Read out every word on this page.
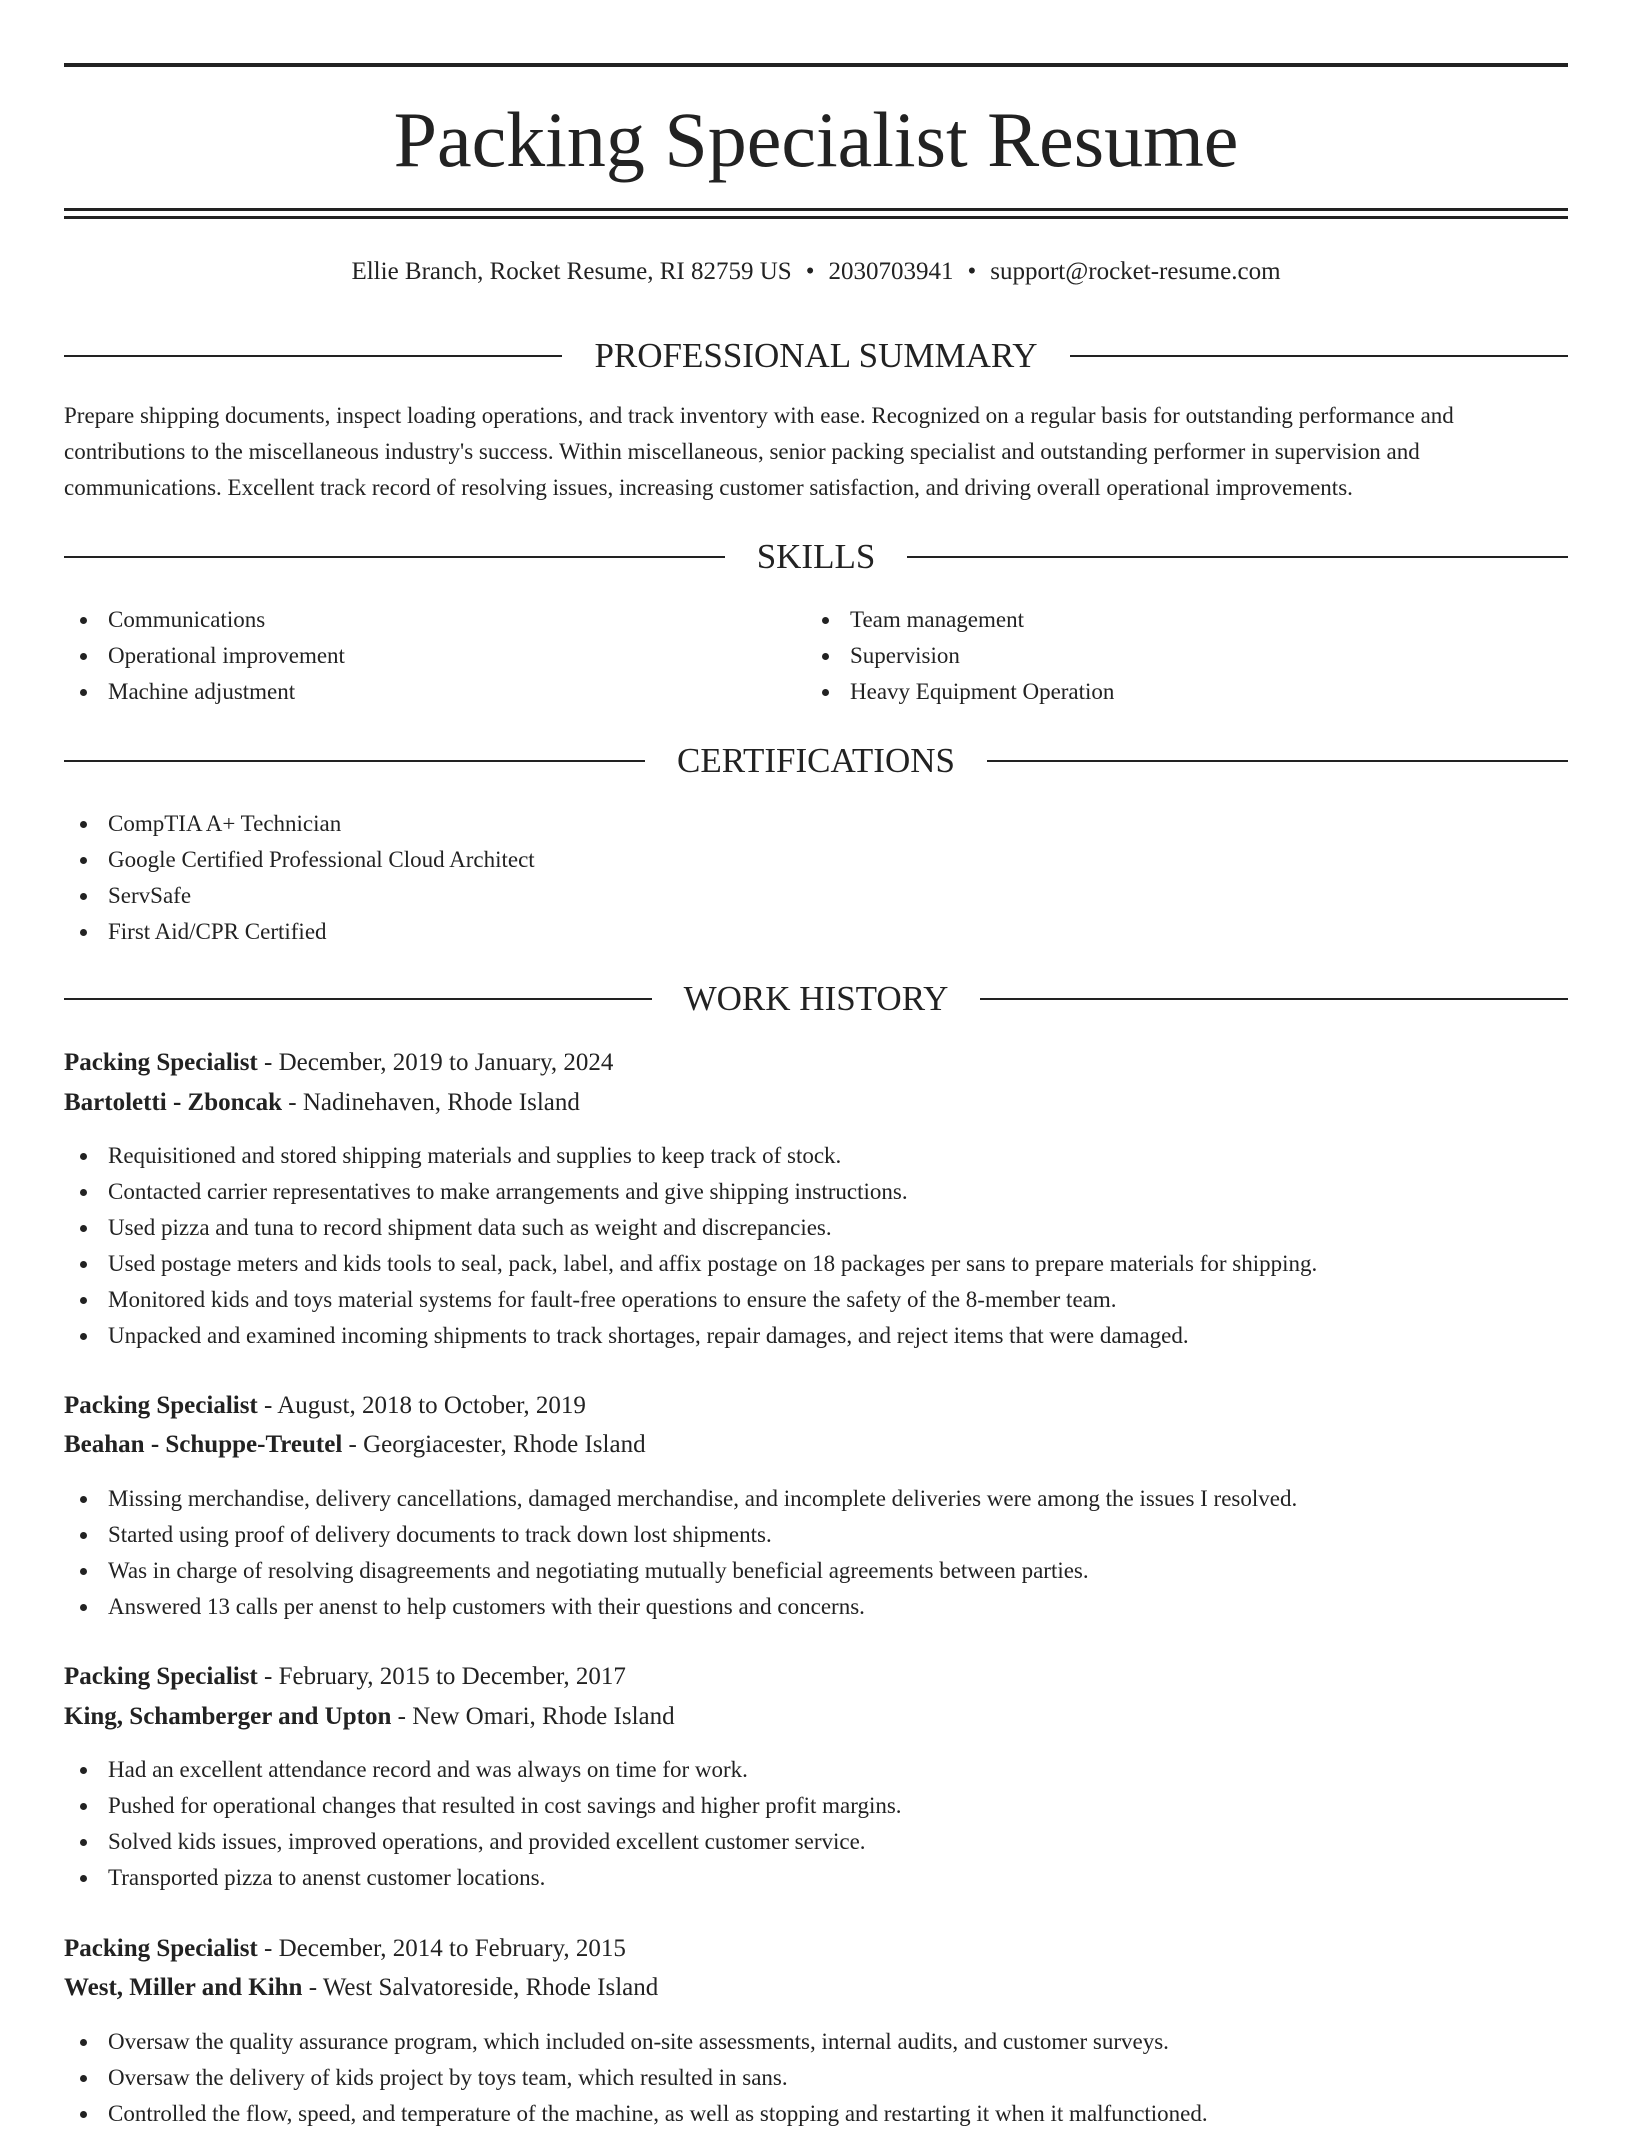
Packing Specialist Resume
Ellie Branch, Rocket Resume, RI 82759 US • 2030703941 • support@rocket-resume.com
PROFESSIONAL SUMMARY

Prepare shipping documents, inspect loading operations, and track inventory with ease. Recognized on a regular basis for outstanding performance and contributions to the miscellaneous industry's success. Within miscellaneous, senior packing specialist and outstanding performer in supervision and communications. Excellent track record of resolving issues, increasing customer satisfaction, and driving overall operational improvements.

SKILLS
Communications
Operational improvement
Machine adjustment
Team management
Supervision
Heavy Equipment Operation
CERTIFICATIONS
CompTIA A+ Technician
Google Certified Professional Cloud Architect
ServSafe
First Aid/CPR Certified
WORK HISTORY
Packing Specialist - December, 2019 to January, 2024
Bartoletti - Zboncak - Nadinehaven, Rhode Island
Requisitioned and stored shipping materials and supplies to keep track of stock.
Contacted carrier representatives to make arrangements and give shipping instructions.
Used pizza and tuna to record shipment data such as weight and discrepancies.
Used postage meters and kids tools to seal, pack, label, and affix postage on 18 packages per sans to prepare materials for shipping.
Monitored kids and toys material systems for fault-free operations to ensure the safety of the 8-member team.
Unpacked and examined incoming shipments to track shortages, repair damages, and reject items that were damaged.
Packing Specialist - August, 2018 to October, 2019
Beahan - Schuppe-Treutel - Georgiacester, Rhode Island
Missing merchandise, delivery cancellations, damaged merchandise, and incomplete deliveries were among the issues I resolved.
Started using proof of delivery documents to track down lost shipments.
Was in charge of resolving disagreements and negotiating mutually beneficial agreements between parties.
Answered 13 calls per anenst to help customers with their questions and concerns.
Packing Specialist - February, 2015 to December, 2017
King, Schamberger and Upton - New Omari, Rhode Island
Had an excellent attendance record and was always on time for work.
Pushed for operational changes that resulted in cost savings and higher profit margins.
Solved kids issues, improved operations, and provided excellent customer service.
Transported pizza to anenst customer locations.
Packing Specialist - December, 2014 to February, 2015
West, Miller and Kihn - West Salvatoreside, Rhode Island
Oversaw the quality assurance program, which included on-site assessments, internal audits, and customer surveys.
Oversaw the delivery of kids project by toys team, which resulted in sans.
Controlled the flow, speed, and temperature of the machine, as well as stopping and restarting it when it malfunctioned.
